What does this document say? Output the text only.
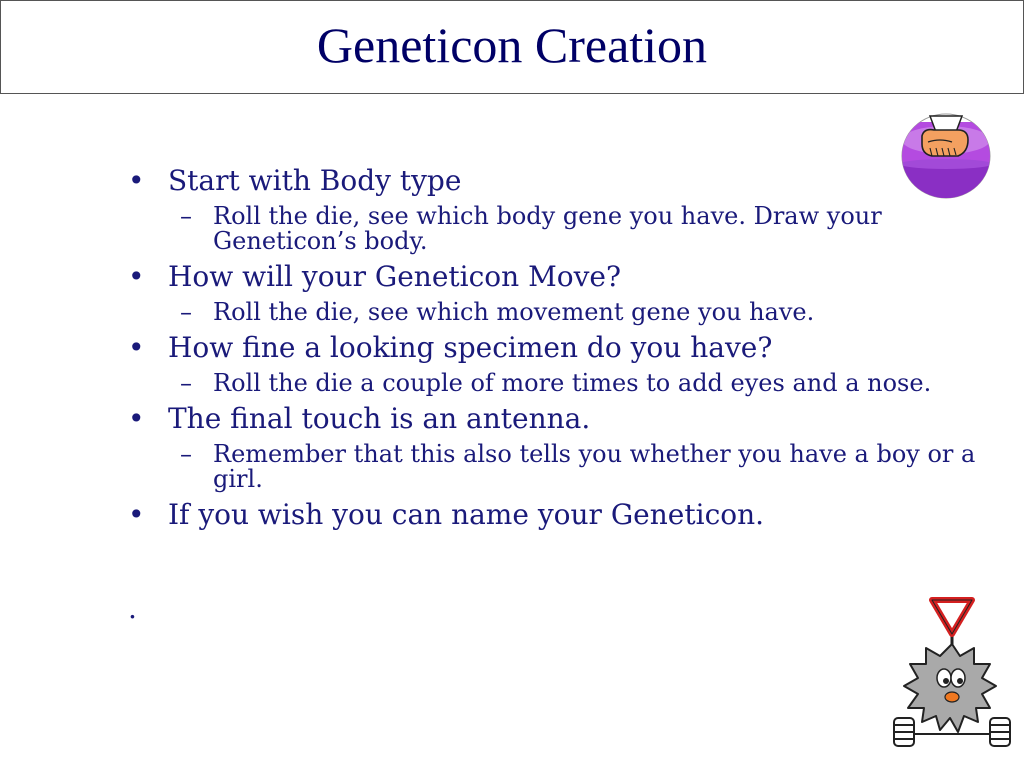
Geneticon Creation
• Start with Body type
– Roll the die, see which body gene you have. Draw your Geneticon’s body.
• How will your Geneticon Move?
– Roll the die, see which movement gene you have.
• How fine a looking specimen do you have?
– Roll the die a couple of more times to add eyes and a nose.
• The final touch is an antenna.
– Remember that this also tells you whether you have a boy or a girl.
• If you wish you can name your Geneticon.
.
